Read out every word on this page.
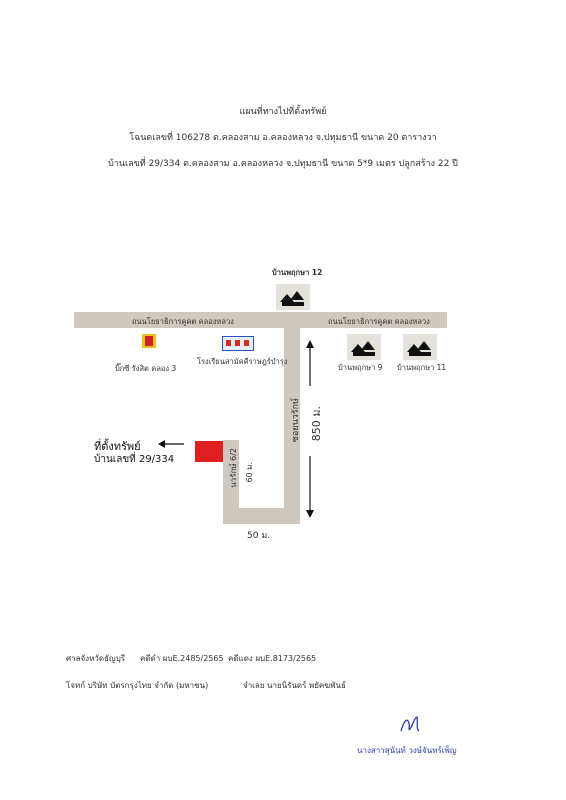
แผนที่ทางไปที่ตั้งทรัพย์
โฉนดเลขที่ 106278 ต.คลองสาม อ.คลองหลวง จ.ปทุมธานี ขนาด 20 ตารางวา
บ้านเลขที่ 29/334 ต.คลองสาม อ.คลองหลวง จ.ปทุมธานี ขนาด 5*9 เมตร ปลูกสร้าง 22 ปี
ถนนโยธาธิการคูคต คลองหลวง	ถนนโยธาธิการคูคต คลองหลวง
บ้านพฤกษา 12
บ้านพฤกษา 9 บ้านพฤกษา 11
บิ๊กซี รังสิต คลอง 3
โรงเรียนสามัคคีราษฎร์บำรุง
ซอยนวรักษ์
นวรักษ์ 6/2
850 ม.
60 ม.
50 ม.
ที่ตั้งทรัพย์
บ้านเลขที่ 29/334
ศาลจังหวัดธัญบุรี คดีดำ ผบE.2485/2565 คดีแดง ผบE.8173/2565
โจทก์ บริษัท บัตรกรุงไทย จำกัด (มหาชน)	จำเลย นายนิรันดร์ พยัคฆพันธ์
นางสาวสุนันท์ วงษ์จันทร์เพ็ญ
